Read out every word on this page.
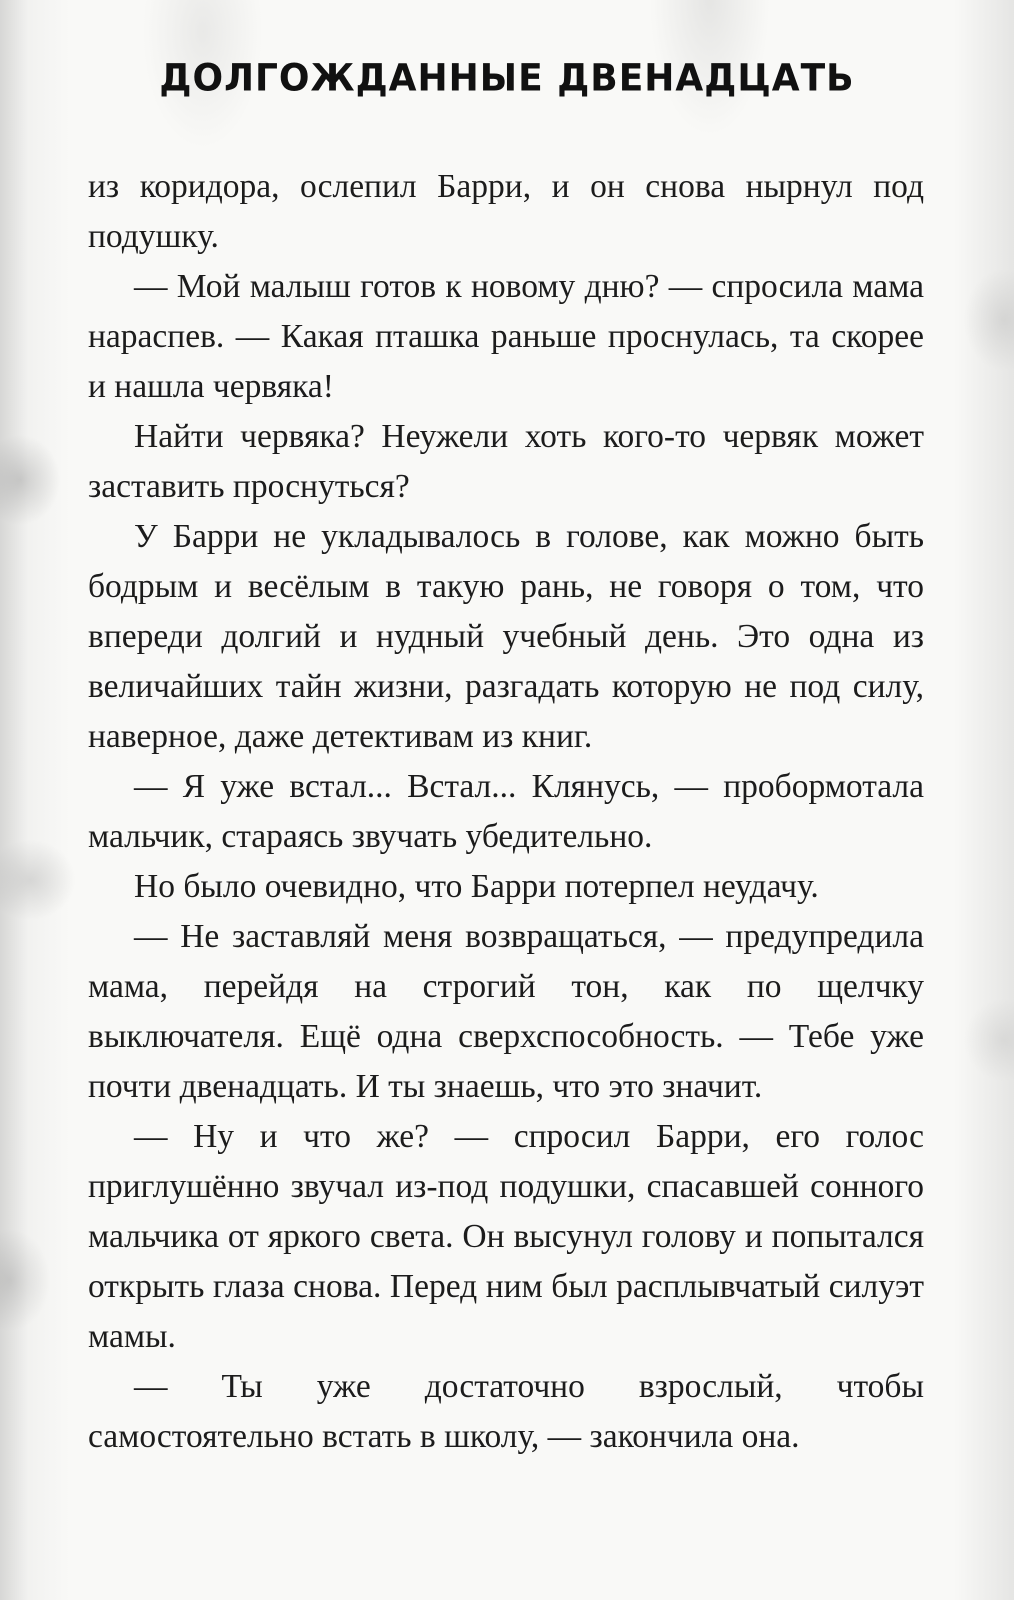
ДОЛГОЖДАННЫЕ ДВЕНАДЦАТЬ

из коридора, ослепил Барри, и он снова нырнул под подушку.

— Мой малыш готов к новому дню? — спросила мама нараспев. — Какая пташка раньше проснулась, та скорее и нашла червяка!

Найти червяка? Неужели хоть кого-то червяк может заставить проснуться?

У Барри не укладывалось в голове, как можно быть бодрым и весёлым в такую рань, не говоря о том, что впереди долгий и нудный учебный день. Это одна из величайших тайн жизни, разгадать которую не под силу, наверное, даже детективам из книг.

— Я уже встал... Встал... Клянусь, — пробормотала мальчик, стараясь звучать убедительно.

Но было очевидно, что Барри потерпел неудачу.

— Не заставляй меня возвращаться, — предупредила мама, перейдя на строгий тон, как по щелчку выключателя. Ещё одна сверхспособность. — Тебе уже почти двенадцать. И ты знаешь, что это значит.

— Ну и что же? — спросил Барри, его голос приглушённо звучал из-под подушки, спасавшей сонного мальчика от яркого света. Он высунул голову и попытался открыть глаза снова. Перед ним был расплывчатый силуэт мамы.

— Ты уже достаточно взрослый, чтобы самостоятельно встать в школу, — закончила она.
